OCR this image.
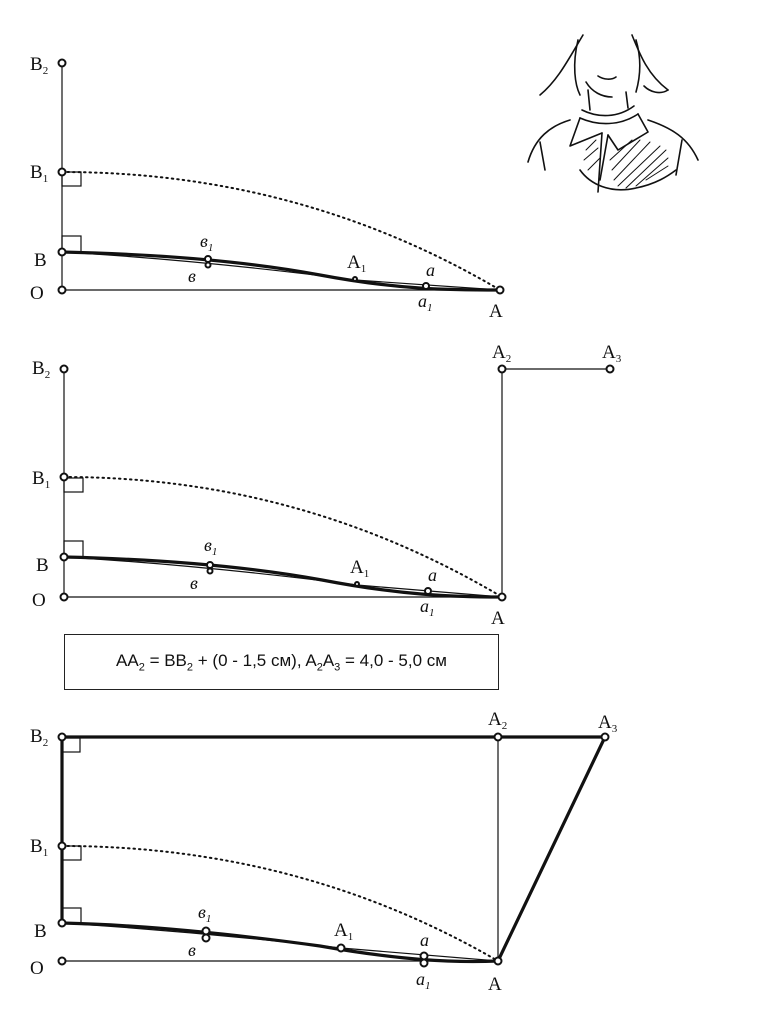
$B_2$
$B_1$
B
O
$в_1$
в
$A_1$	a
$a_1$	A
$B_2$
$B_1$
B
O
$в_1$
в
$A_1$	a
$a_1$	A
$A_2$	$A_3$
$B_2$
$B_1$
B
O
$в_1$
в
$A_1$	a
$a_1$	A
$A_2$	$A_3$
$AA_2 = BB_2 + (0 - 1,5$ см), $A_2A_3 = 4,0 - 5,0$ см
